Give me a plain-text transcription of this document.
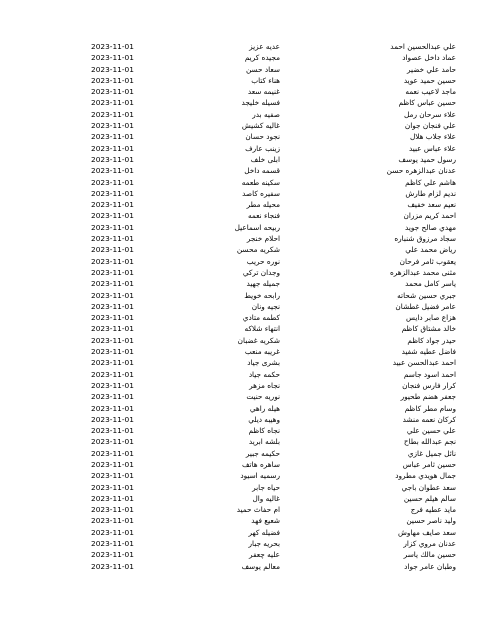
علي عبدالحسين احمد
عديه عزيز
2023-11-01
عماد داخل عصواد
مجيده كريم
2023-11-01
حامد علي خضير
سعاد حسن
2023-11-01
حسين حميد عويد
هناء كتاب
2023-11-01
ماجد لاعيب نعمه
غنيمه سعد
2023-11-01
حسين عباس كاظم
فسيله خليجد
2023-11-01
علاء سرحان رمل
صفيه بدر
2023-11-01
علي فنجان جوان
غاليه كشيش
2023-11-01
علاء جلاب هلال
نجود حسان
2023-11-01
علاء عباس عبيد
زينب عارف
2023-11-01
رسول حميد يوسف
ابلى خلف
2023-11-01
عدنان عبدالزهره حسن
قسمه داخل
2023-11-01
هاشم علي كاظم
سكينه طعمه
2023-11-01
نديم لزام طارش
سفيره كاصد
2023-11-01
نعيم سعد خفيف
محيله مطر
2023-11-01
احمد كريم مزران
فنجاء نعمه
2023-11-01
مهدي صالح جويد
ربيحه اسماعيل
2023-11-01
سجاد مرزوق شنباره
احلام خنجر
2023-11-01
رياض محمد علي
شكريه محسن
2023-11-01
يعقوب ثامر فرحان
نوره حريب
2023-11-01
مثنى محمد عبدالزهره
وجدان تركي
2023-11-01
ياسر كامل محمد
جميله جهيد
2023-11-01
جبري حسين شحاته
رابحه خويط
2023-11-01
عامر فضيل غطشان
نجيه ونان
2023-11-01
هزاع صابر دايس
كطمه متادي
2023-11-01
خالد مشتاق كاظم
انتهاء شلاكه
2023-11-01
حيدر جواد كاظم
شكريه غضبان
2023-11-01
فاضل عطيه شفيد
غريبه منعب
2023-11-01
احمد عبدالحسن عبيد
بشرى جياد
2023-11-01
احمد اسود جاسم
حكمه جياد
2023-11-01
كرار فارس فنجان
نجاه مزهر
2023-11-01
جعفر هضم طحيور
نوريه حنيت
2023-11-01
وسام مطر كاظم
هيله راهي
2023-11-01
كركان نعمه منشد
وهيبه ديلي
2023-11-01
علي حسين علي
نجاه كاظم
2023-11-01
نجم عبدالله بطاح
بلشه ابريد
2023-11-01
نائل جميل غازي
حكيمه جبير
2023-11-01
حسين ثامر عباس
ساهره هاتف
2023-11-01
جمال هويدي مطرود
رسميه اسيود
2023-11-01
سعد عطوان باجي
حياه جابر
2023-11-01
سالم هيلم حسين
غاليه وال
2023-11-01
مايد عطيه فرج
ام حفاث حميد
2023-11-01
وليد ناصر حسين
شعيع فهد
2023-11-01
سعد صايف مهاوش
فضيله كهر
2023-11-01
عدنان مروي كزار
بحريه جبار
2023-11-01
حسين مالك ياسر
عليه چعفر
2023-11-01
وطبان عامر جواد
معالم يوسف
2023-11-01
